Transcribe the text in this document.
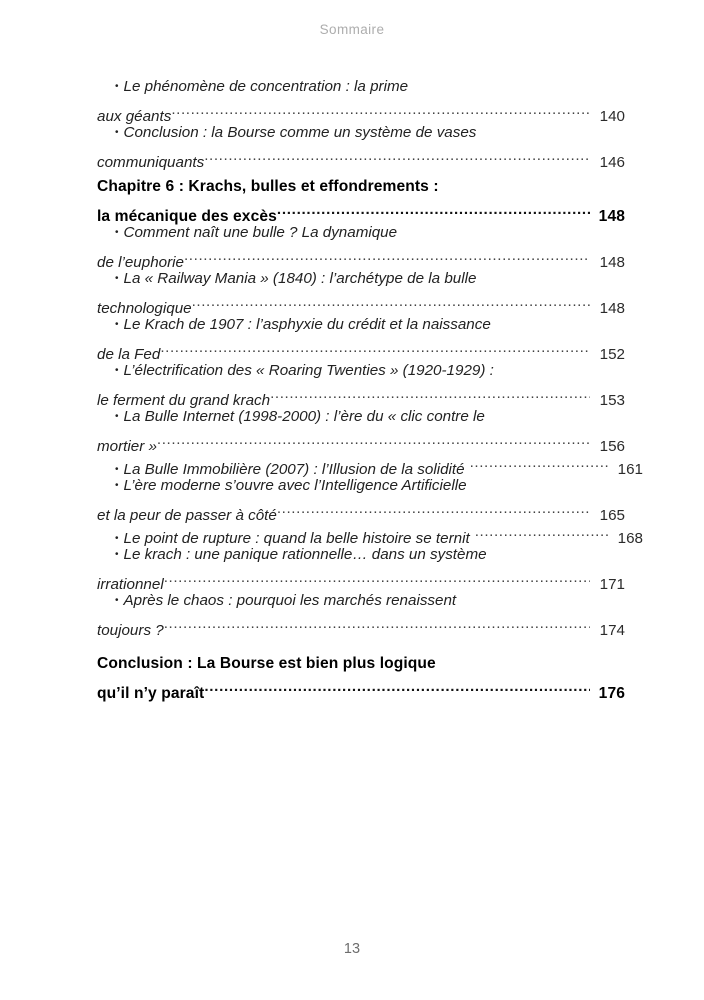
Sommaire
• Le phénomène de concentration : la prime
aux géants .....	140
• Conclusion : la Bourse comme un système de vases
communiquants .....	146
Chapitre 6 : Krachs, bulles et effondrements :
la mécanique des excès .....	148
• Comment naît une bulle ? La dynamique
de l’euphorie .....	148
• La « Railway Mania » (1840) : l’archétype de la bulle
technologique .....	148
• Le Krach de 1907 : l’asphyxie du crédit et la naissance
de la Fed .....	152
• L’électrification des « Roaring Twenties » (1920-1929) :
le ferment du grand krach .....	153
• La Bulle Internet (1998-2000) : l’ère du « clic contre le
mortier » .....	156
• La Bulle Immobilière (2007) : l’Illusion de la solidité .....	161
• L’ère moderne s’ouvre avec l’Intelligence Artificielle
et la peur de passer à côté .....	165
• Le point de rupture : quand la belle histoire se ternit .....	168
• Le krach : une panique rationnelle… dans un système
irrationnel .....	171
• Après le chaos : pourquoi les marchés renaissent
toujours ? .....	174
Conclusion : La Bourse est bien plus logique
qu’il n’y paraît .....	176
13
